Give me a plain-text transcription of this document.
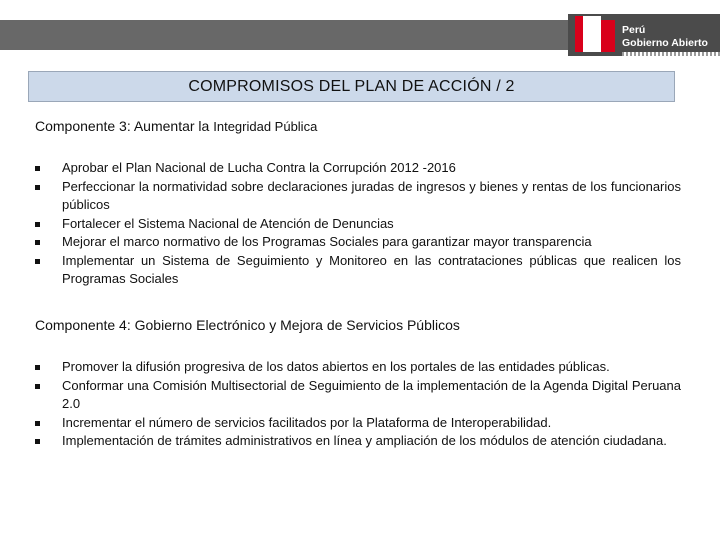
Perú
Gobierno Abierto
COMPROMISOS DEL PLAN DE ACCIÓN / 2
Componente 3: Aumentar la Integridad Pública
Aprobar el Plan Nacional de Lucha Contra la Corrupción 2012 -2016
Perfeccionar la normatividad sobre declaraciones juradas de ingresos y bienes y rentas de los funcionarios públicos
Fortalecer el Sistema Nacional de Atención de Denuncias
Mejorar el marco normativo de los Programas Sociales para garantizar mayor transparencia
Implementar un Sistema de Seguimiento y Monitoreo en las contrataciones públicas que realicen los Programas Sociales
Componente 4: Gobierno Electrónico y Mejora de Servicios Públicos
Promover la difusión progresiva de los datos abiertos en los portales de las entidades públicas.
Conformar una Comisión Multisectorial de Seguimiento de la implementación de la Agenda Digital Peruana 2.0
Incrementar el número de servicios facilitados por la Plataforma de Interoperabilidad.
Implementación de trámites administrativos en línea y ampliación de los módulos de atención ciudadana.
